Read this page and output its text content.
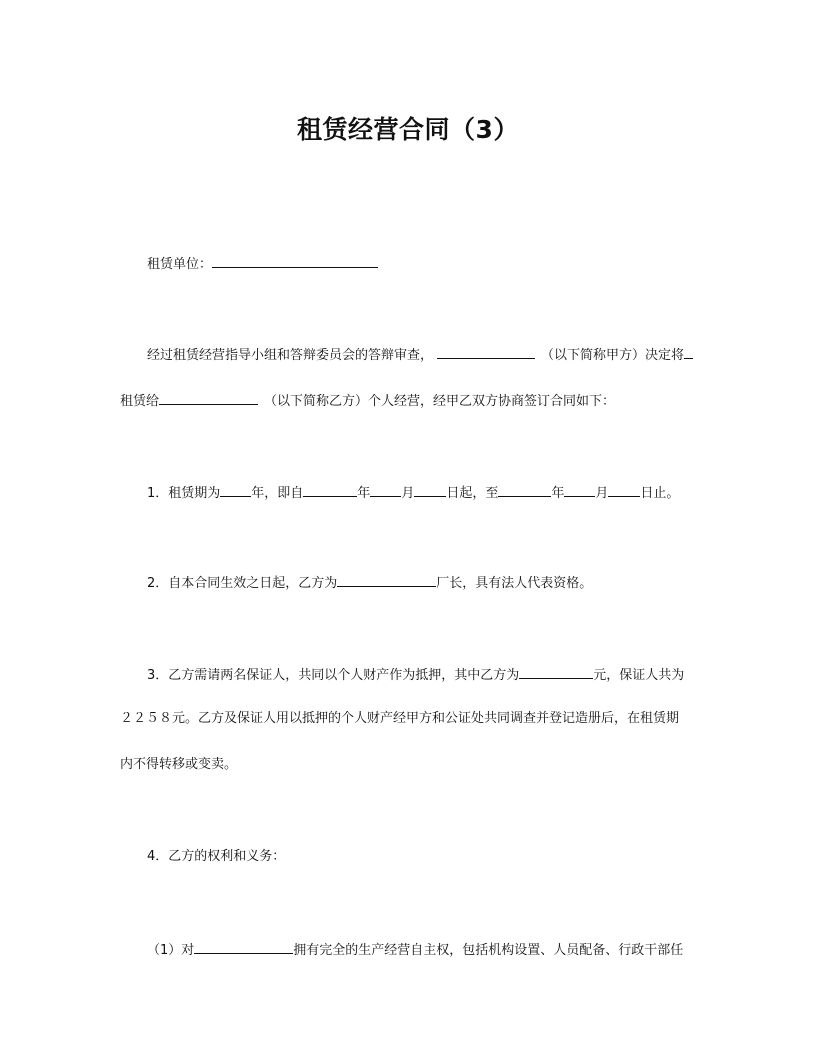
租赁经营合同（3）
租赁单位：
经过租赁经营指导小组和答辩委员会的答辩审查，	（以下简称甲方）决定将
租赁给	（以下简称乙方）个人经营，经甲乙双方协商签订合同如下：
1．租赁期为 年，即自	年 月 日起，至	年 月 日止。
2．自本合同生效之日起，乙方为	厂长，具有法人代表资格。
3．乙方需请两名保证人，共同以个人财产作为抵押，其中乙方为	元，保证人共为
２２５８元。乙方及保证人用以抵押的个人财产经甲方和公证处共同调查并登记造册后，在租赁期
内不得转移或变卖。
4．乙方的权利和义务：
（1）对	拥有完全的生产经营自主权，包括机构设置、人员配备、行政干部任
